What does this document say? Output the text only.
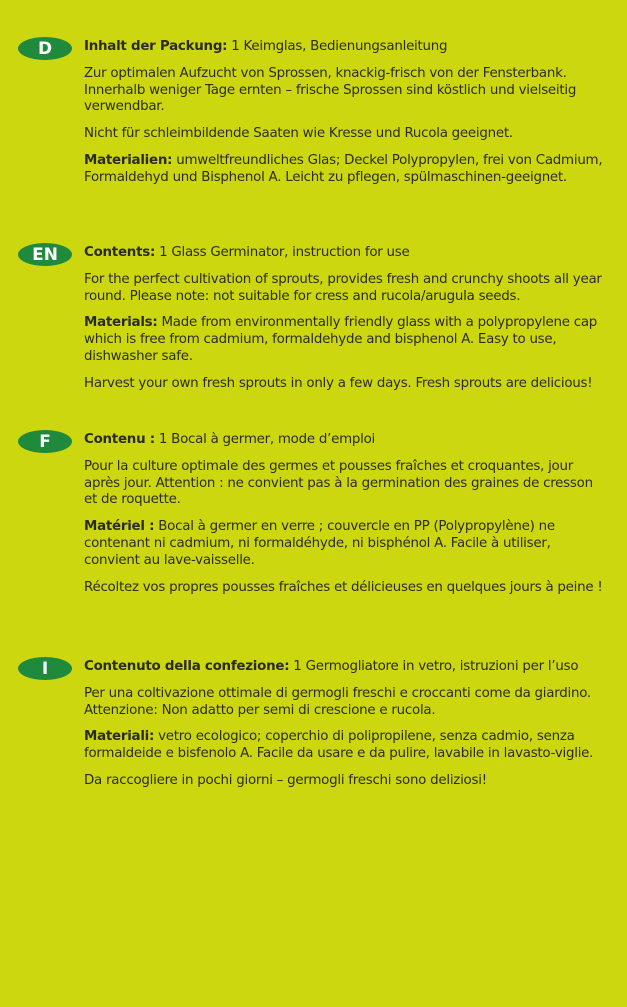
D	Inhalt der Packung: 1 Keimglas, Bedienungsanleitung

Zur optimalen Aufzucht von Sprossen, knackig-frisch von der Fensterbank. Innerhalb weniger Tage ernten – frische Sprossen sind köstlich und vielseitig verwendbar.

Nicht für schleimbildende Saaten wie Kresse und Rucola geeignet.

Materialien: umweltfreundliches Glas; Deckel Polypropylen, frei von Cadmium, Formaldehyd und Bisphenol A. Leicht zu pflegen, spülmaschinen-geeignet.

EN	Contents: 1 Glass Germinator, instruction for use

For the perfect cultivation of sprouts, provides fresh and crunchy shoots all year round. Please note: not suitable for cress and rucola/arugula seeds.

Materials: Made from environmentally friendly glass with a polypropylene cap which is free from cadmium, formaldehyde and bisphenol A. Easy to use, dishwasher safe.

Harvest your own fresh sprouts in only a few days. Fresh sprouts are delicious!

F	Contenu : 1 Bocal à germer, mode d’emploi

Pour la culture optimale des germes et pousses fraîches et croquantes, jour après jour. Attention : ne convient pas à la germination des graines de cresson et de roquette.

Matériel : Bocal à germer en verre ; couvercle en PP (Polypropylène) ne contenant ni cadmium, ni formaldéhyde, ni bisphénol A. Facile à utiliser, convient au lave-vaisselle.

Récoltez vos propres pousses fraîches et délicieuses en quelques jours à peine !

I	Contenuto della confezione: 1 Germogliatore in vetro, istruzioni per l’uso

Per una coltivazione ottimale di germogli freschi e croccanti come da giardino. Attenzione: Non adatto per semi di crescione e rucola.

Materiali: vetro ecologico; coperchio di polipropilene, senza cadmio, senza formaldeide e bisfenolo A. Facile da usare e da pulire, lavabile in lavasto-viglie.

Da raccogliere in pochi giorni – germogli freschi sono deliziosi!
